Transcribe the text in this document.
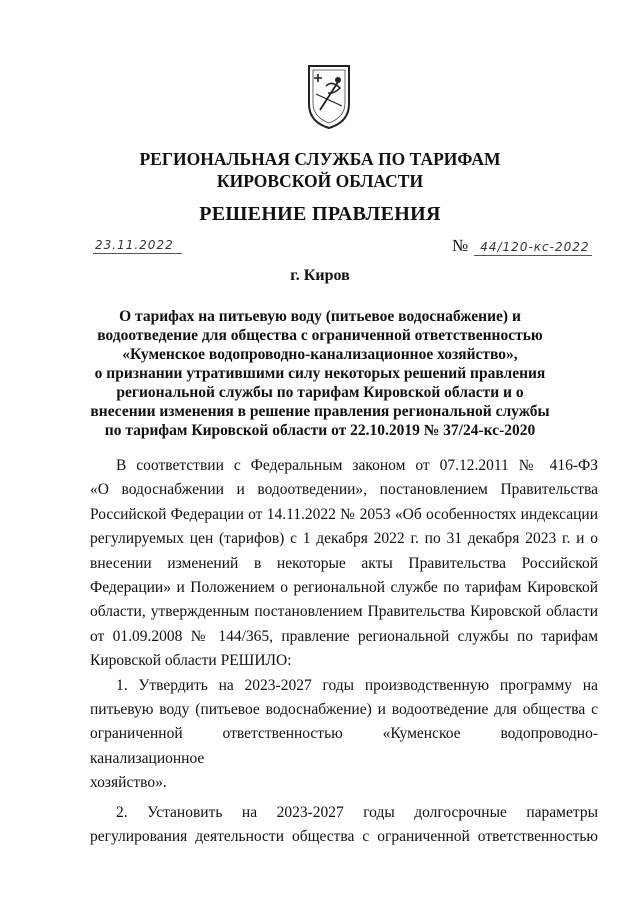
РЕГИОНАЛЬНАЯ СЛУЖБА ПО ТАРИФАМ
КИРОВСКОЙ ОБЛАСТИ
РЕШЕНИЕ ПРАВЛЕНИЯ
23.11.2022	№ 44/120-кс-2022
г. Киров
О тарифах на питьевую воду (питьевое водоснабжение) и
водоотведение для общества с ограниченной ответственностью
«Куменское водопроводно-канализационное хозяйство»,
о признании утратившими силу некоторых решений правления
региональной службы по тарифам Кировской области и о
внесении изменения в решение правления региональной службы
по тарифам Кировской области от 22.10.2019 № 37/24-кс-2020

В соответствии с Федеральным законом от 07.12.2011 № 416-ФЗ

«О водоснабжении и водоотведении», постановлением Правительства

Российской Федерации от 14.11.2022 № 2053 «Об особенностях индексации

регулируемых цен (тарифов) с 1 декабря 2022 г. по 31 декабря 2023 г. и о

внесении изменений в некоторые акты Правительства Российской

Федерации» и Положением о региональной службе по тарифам Кировской

области, утвержденным постановлением Правительства Кировской области

от 01.09.2008 № 144/365, правление региональной службы по тарифам

Кировской области РЕШИЛО:

1. Утвердить на 2023-2027 годы производственную программу на

питьевую воду (питьевое водоснабжение) и водоотведение для общества с

ограниченной ответственностью «Куменское водопроводно-канализационное

хозяйство».

2. Установить на 2023-2027 годы долгосрочные параметры

регулирования деятельности общества с ограниченной ответственностью
